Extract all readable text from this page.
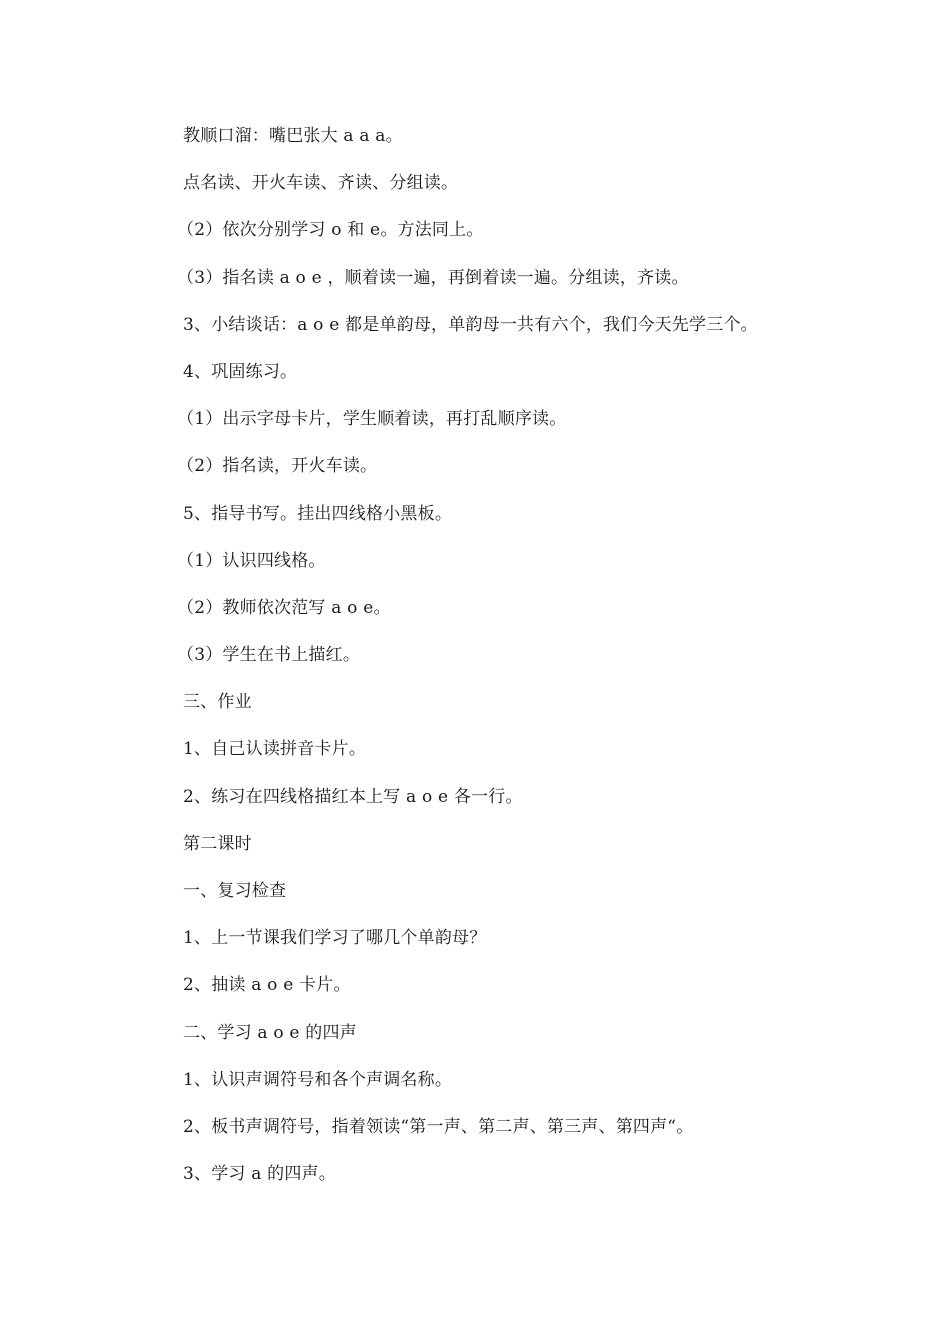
教顺口溜：嘴巴张大 a a a。
点名读、开火车读、齐读、分组读。
（2）依次分别学习 o 和 e。方法同上。
（3）指名读 a o e ，顺着读一遍，再倒着读一遍。分组读，齐读。
3、小结谈话：a o e 都是单韵母，单韵母一共有六个，我们今天先学三个。
4、巩固练习。
（1）出示字母卡片，学生顺着读，再打乱顺序读。
（2）指名读，开火车读。
5、指导书写。挂出四线格小黑板。
（1）认识四线格。
（2）教师依次范写 a o e。
（3）学生在书上描红。
三、作业
1、自己认读拼音卡片。
2、练习在四线格描红本上写 a o e 各一行。
第二课时
一、复习检查
1、上一节课我们学习了哪几个单韵母？
2、抽读 a o e 卡片。
二、学习 a o e 的四声
1、认识声调符号和各个声调名称。
2、板书声调符号，指着领读“第一声、第二声、第三声、第四声“。
3、学习 a 的四声。
